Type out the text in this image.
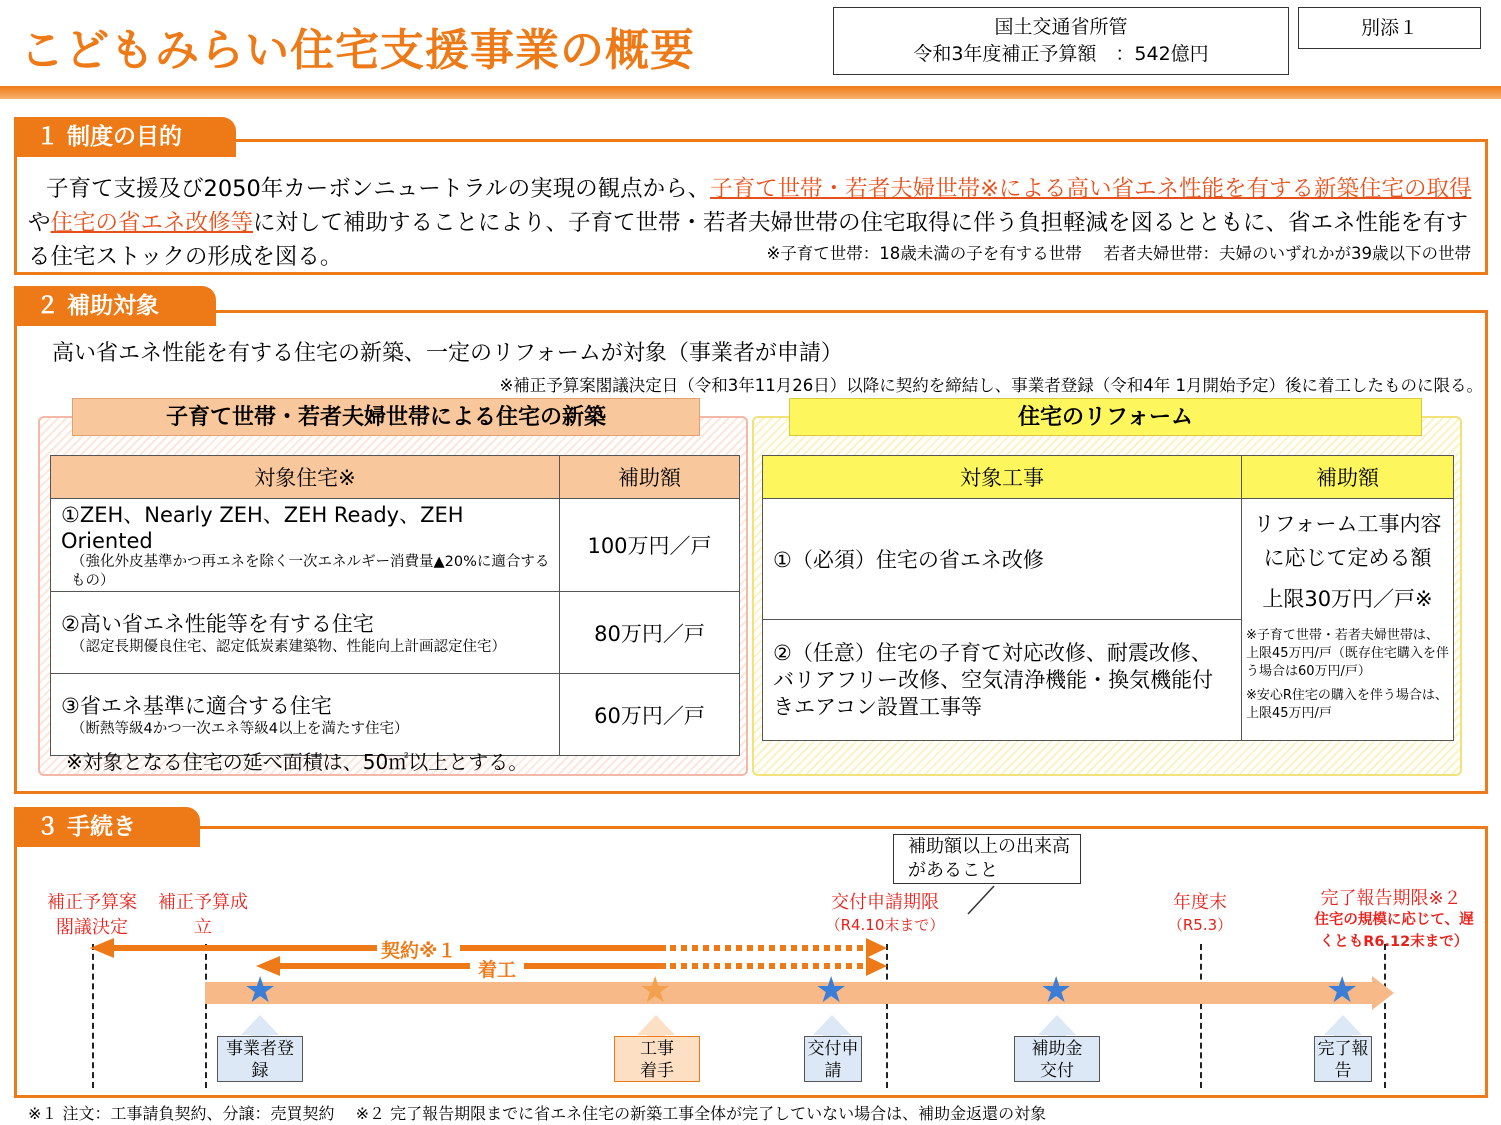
こどもみらい住宅支援事業の概要	国土交通省所管
令和3年度補正予算額　：542億円
別添１
１ 制度の目的
子育て支援及び2050年カーボンニュートラルの実現の観点から、子育て世帯・若者夫婦世帯※による高い省エネ性能を有する新築住宅の取得や住宅の省エネ改修等に対して補助することにより、子育て世帯・若者夫婦世帯の住宅取得に伴う負担軽減を図るとともに、省エネ性能を有する住宅ストックの形成を図る。	※子育て世帯：18歳未満の子を有する世帯　 若者夫婦世帯：夫婦のいずれかが39歳以下の世帯
２ 補助対象
高い省エネ性能を有する住宅の新築、一定のリフォームが対象（事業者が申請）
※補正予算案閣議決定日（令和3年11月26日）以降に契約を締結し、事業者登録（令和4年 1月開始予定）後に着工したものに限る。
子育て世帯・若者夫婦世帯による住宅の新築	住宅のリフォーム
対象住宅※	補助額

①ZEH、Nearly ZEH、ZEH Ready、ZEH Oriented
（強化外皮基準かつ再エネを除く一次エネルギー消費量▲20%に適合するもの）	100万円／戸

②高い省エネ性能等を有する住宅
（認定長期優良住宅、認定低炭素建築物、性能向上計画認定住宅）	80万円／戸

③省エネ基準に適合する住宅
（断熱等級4かつ一次エネ等級4以上を満たす住宅）	60万円／戸
※対象となる住宅の延べ面積は、50㎡以上とする。
対象工事	補助額
①（必須）住宅の省エネ改修	リフォーム工事内容に応じて定める額
上限30万円／戸※
※子育て世帯・若者夫婦世帯は、上限45万円/戸（既存住宅購入を伴う場合は60万円/戸）
※安心R住宅の購入を伴う場合は、上限45万円/戸

②（任意）住宅の子育て対応改修、耐震改修、バリアフリー改修、空気清浄機能・換気機能付きエアコン設置工事等	
３ 手続き
補助額以上の出来高があること
補正予算案閣議決定
補正予算成立
交付申請期限
（R4.10末まで）
年度末
（R5.3）
完了報告期限※２
住宅の規模に応じて、遅くともR6.12末まで）
契約※１
着工
★	★	★	★	★
事業者登録
工事着手
交付申請
補助金交付
完了報告
※１ 注文：工事請負契約、分譲：売買契約　 ※２ 完了報告期限までに省エネ住宅の新築工事全体が完了していない場合は、補助金返還の対象
